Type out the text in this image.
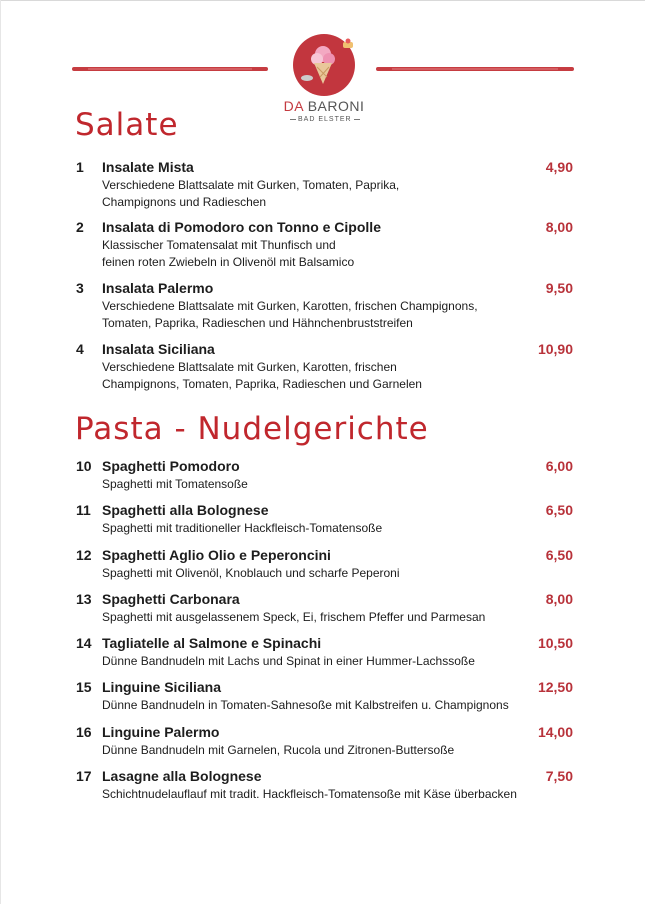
DA BARONI
BAD ELSTER
Salate
1 Insalate Mista	4,90
Verschiedene Blattsalate mit Gurken, Tomaten, Paprika,
Champignons und Radieschen
2 Insalata di Pomodoro con Tonno e Cipolle	8,00
Klassischer Tomatensalat mit Thunfisch und
feinen roten Zwiebeln in Olivenöl mit Balsamico
3 Insalata Palermo	9,50
Verschiedene Blattsalate mit Gurken, Karotten, frischen Champignons,
Tomaten, Paprika, Radieschen und Hähnchenbruststreifen
4 Insalata Siciliana	10,90
Verschiedene Blattsalate mit Gurken, Karotten, frischen
Champignons, Tomaten, Paprika, Radieschen und Garnelen
Pasta - Nudelgerichte
10 Spaghetti Pomodoro	6,00
Spaghetti mit Tomatensoße
11 Spaghetti alla Bolognese	6,50
Spaghetti mit traditioneller Hackfleisch-Tomatensoße
12 Spaghetti Aglio Olio e Peperoncini	6,50
Spaghetti mit Olivenöl, Knoblauch und scharfe Peperoni
13 Spaghetti Carbonara	8,00
Spaghetti mit ausgelassenem Speck, Ei, frischem Pfeffer und Parmesan
14 Tagliatelle al Salmone e Spinachi	10,50
Dünne Bandnudeln mit Lachs und Spinat in einer Hummer-Lachssoße
15 Linguine Siciliana	12,50
Dünne Bandnudeln in Tomaten-Sahnesoße mit Kalbstreifen u. Champignons
16 Linguine Palermo	14,00
Dünne Bandnudeln mit Garnelen, Rucola und Zitronen-Buttersoße
17 Lasagne alla Bolognese	7,50
Schichtnudelauflauf mit tradit. Hackfleisch-Tomatensoße mit Käse überbacken
